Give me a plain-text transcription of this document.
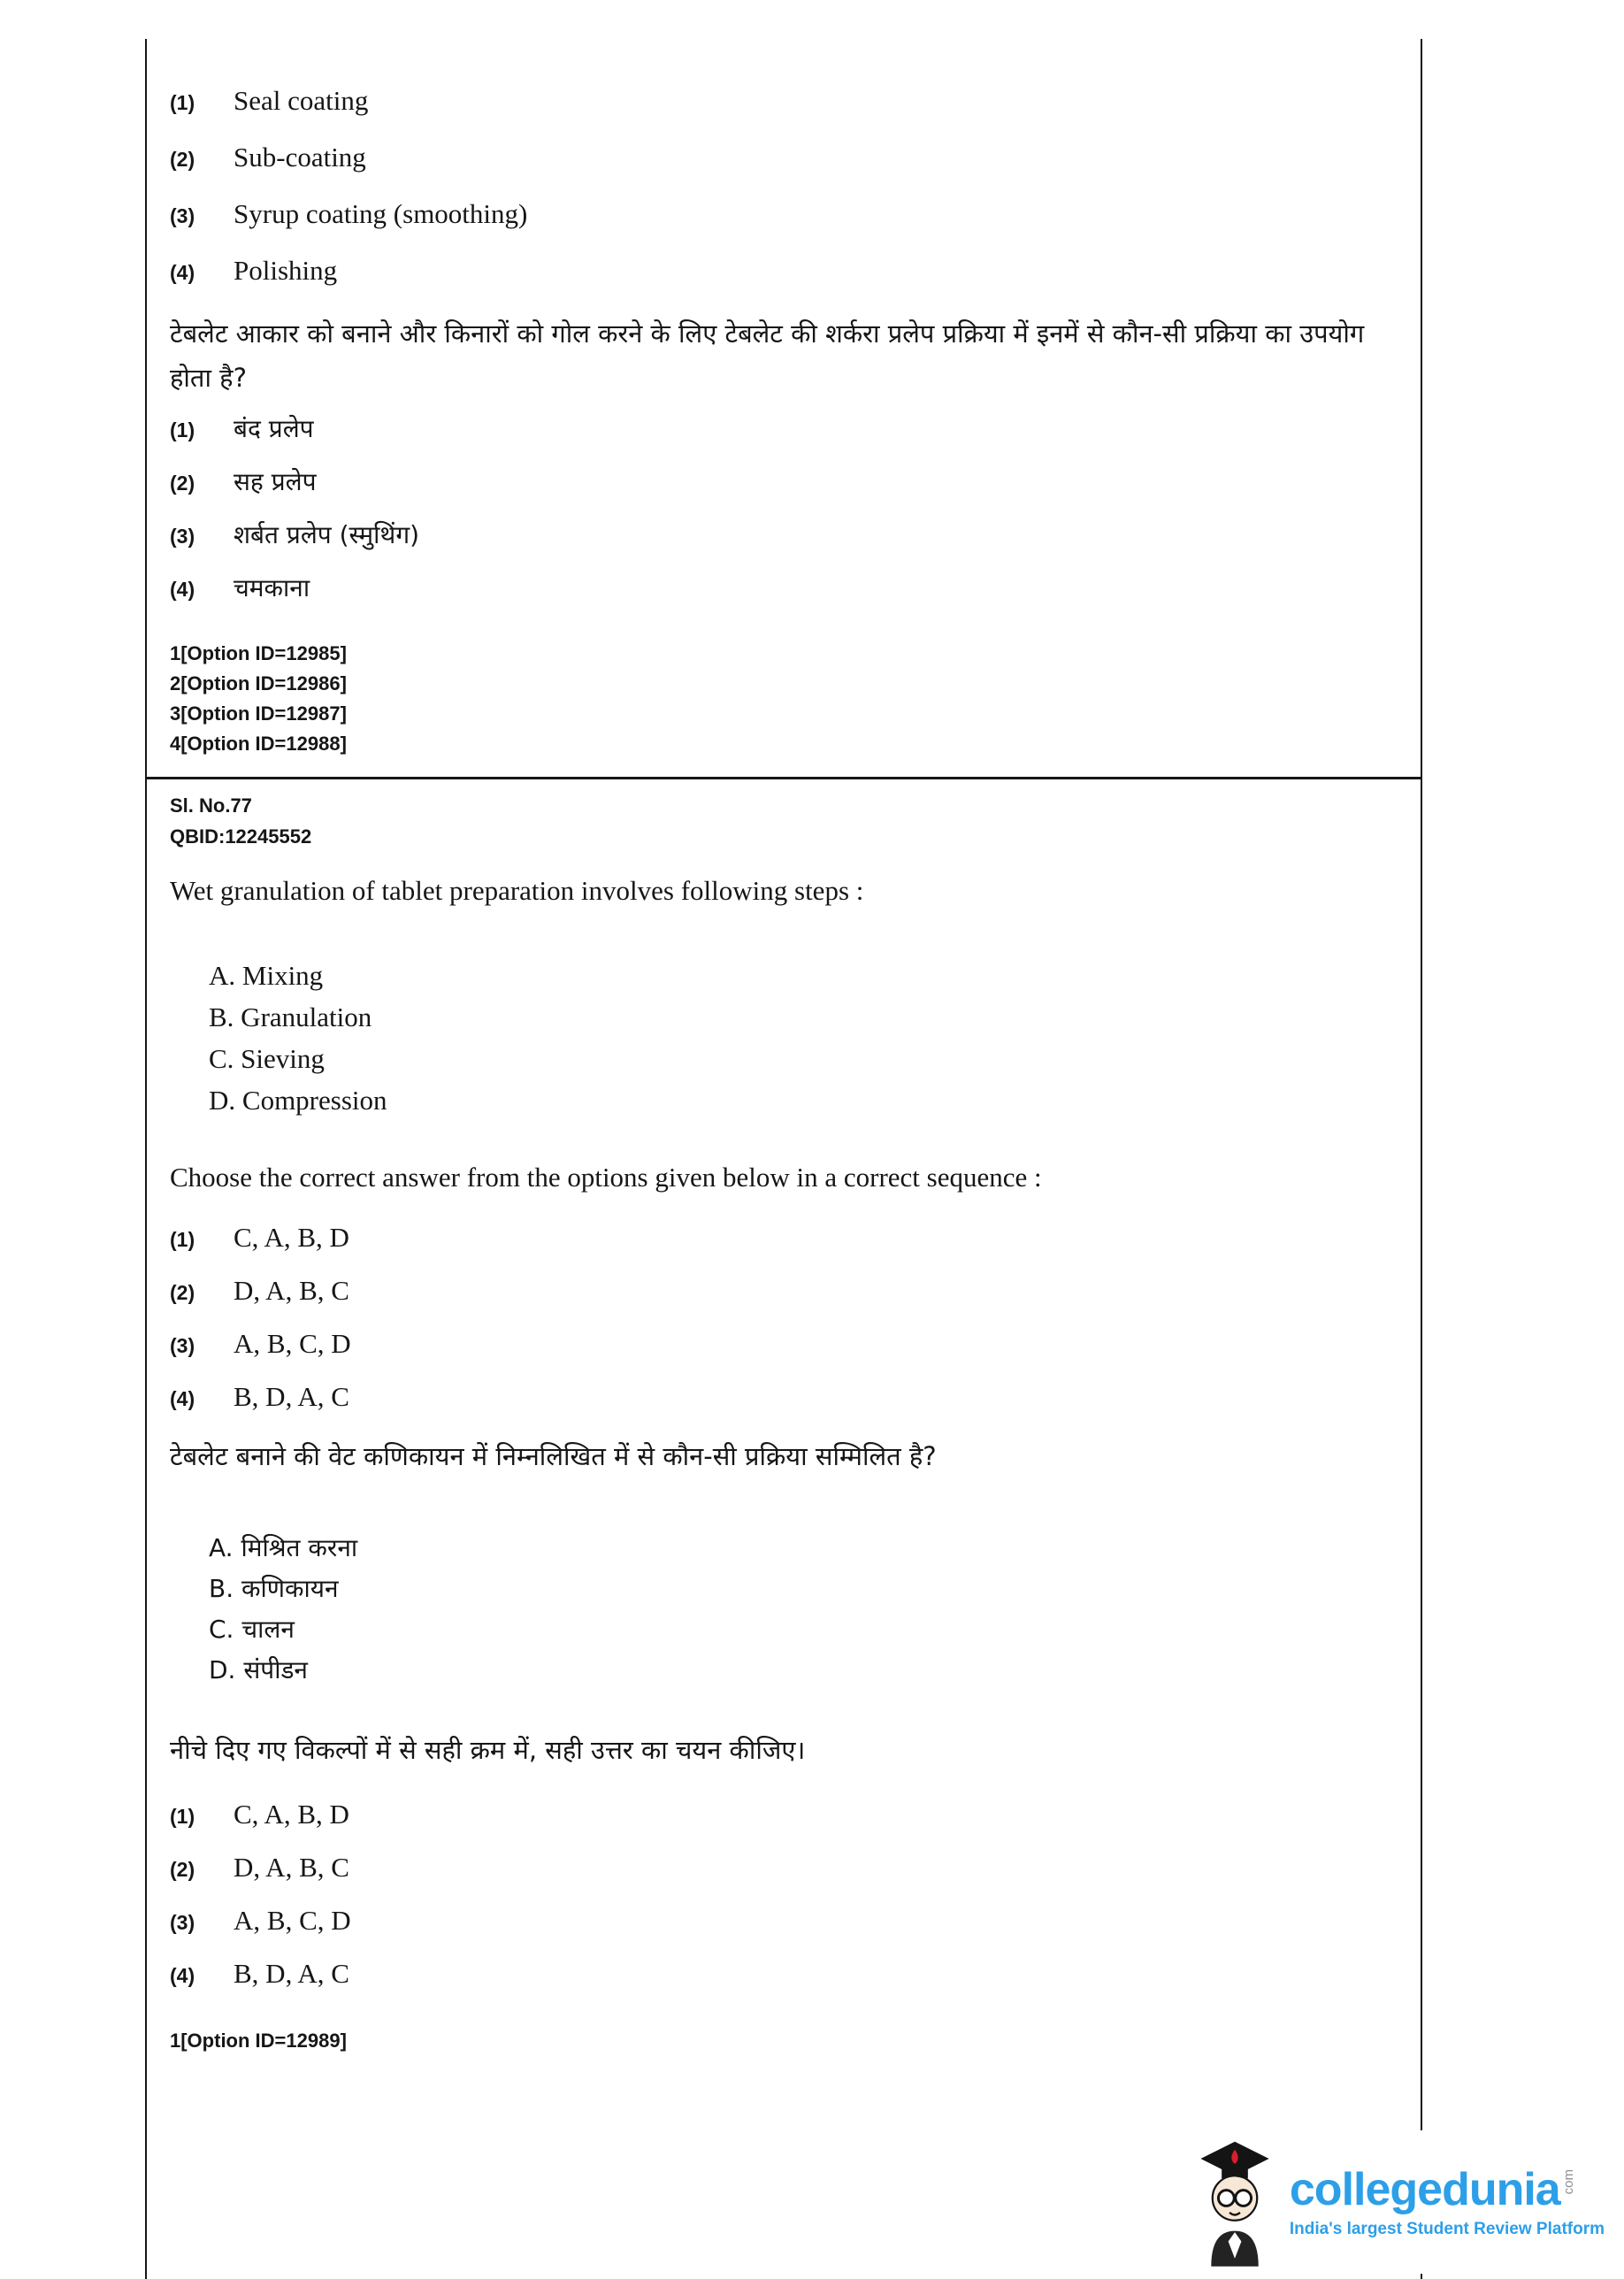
(1)	Seal coating
(2)	Sub-coating
(3)	Syrup coating (smoothing)
(4)	Polishing

टेबलेट आकार को बनाने और किनारों को गोल करने के लिए टेबलेट की शर्करा प्रलेप प्रक्रिया में इनमें से कौन-सी प्रक्रिया का उपयोग होता है?

(1)	बंद प्रलेप
(2)	सह प्रलेप
(3)	शर्बत प्रलेप (स्मुथिंग)
(4)	चमकाना
1[Option ID=12985]
2[Option ID=12986]
3[Option ID=12987]
4[Option ID=12988]
Sl. No.77
QBID:12245552

Wet granulation of tablet preparation involves following steps :

A. Mixing
B. Granulation
C. Sieving
D. Compression

Choose the correct answer from the options given below in a correct sequence :

(1)	C, A, B, D
(2)	D, A, B, C
(3)	A, B, C, D
(4)	B, D, A, C

टेबलेट बनाने की वेट कणिकायन में निम्नलिखित में से कौन-सी प्रक्रिया सम्मिलित है?

A. मिश्रित करना
B. कणिकायन
C. चालन
D. संपीडन

नीचे दिए गए विकल्पों में से सही क्रम में, सही उत्तर का चयन कीजिए।

(1)	C, A, B, D
(2)	D, A, B, C
(3)	A, B, C, D
(4)	B, D, A, C
1[Option ID=12989]
collegedunia com
India's largest Student Review Platform
